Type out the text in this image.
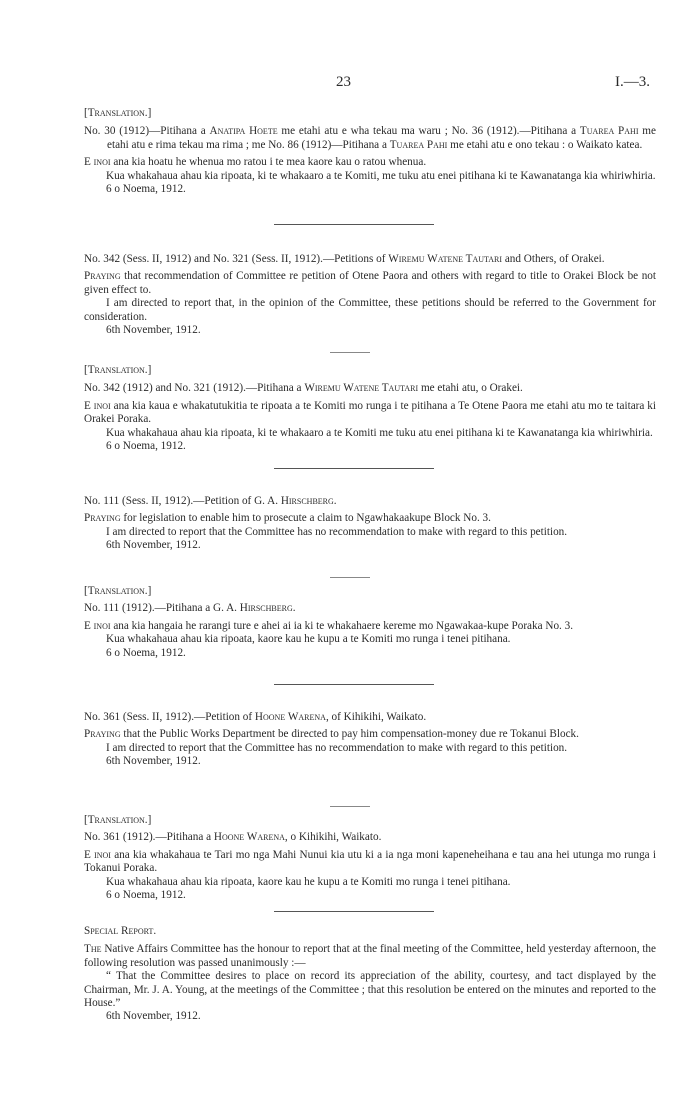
23	I.—3.

[Translation.]

No. 30 (1912)—Pitihana a Anatipa Hoete me etahi atu e wha tekau ma waru ; No. 36 (1912).—Pitihana a Tuarea Pahi me etahi atu e rima tekau ma rima ; me No. 86 (1912)—Pitihana a Tuarea Pahi me etahi atu e ono tekau : o Waikato katea.

E inoi ana kia hoatu he whenua mo ratou i te mea kaore kau o ratou whenua.

Kua whakahaua ahau kia ripoata, ki te whakaaro a te Komiti, me tuku atu enei pitihana ki te Kawanatanga kia whiriwhiria.

6 o Noema, 1912.

No. 342 (Sess. II, 1912) and No. 321 (Sess. II, 1912).—Petitions of Wiremu Watene Tautari and Others, of Orakei.

Praying that recommendation of Committee re petition of Otene Paora and others with regard to title to Orakei Block be not given effect to.

I am directed to report that, in the opinion of the Committee, these petitions should be referred to the Government for consideration.

6th November, 1912.

[Translation.]

No. 342 (1912) and No. 321 (1912).—Pitihana a Wiremu Watene Tautari me etahi atu, o Orakei.

E inoi ana kia kaua e whakatutukitia te ripoata a te Komiti mo runga i te pitihana a Te Otene Paora me etahi atu mo te taitara ki Orakei Poraka.

Kua whakahaua ahau kia ripoata, ki te whakaaro a te Komiti me tuku atu enei pitihana ki te Kawanatanga kia whiriwhiria.

6 o Noema, 1912.

No. 111 (Sess. II, 1912).—Petition of G. A. Hirschberg.

Praying for legislation to enable him to prosecute a claim to Ngawhakaakupe Block No. 3.

I am directed to report that the Committee has no recommendation to make with regard to this petition.

6th November, 1912.

[Translation.]

No. 111 (1912).—Pitihana a G. A. Hirschberg.

E inoi ana kia hangaia he rarangi ture e ahei ai ia ki te whakahaere kereme mo Ngawakaa-kupe Poraka No. 3.

Kua whakahaua ahau kia ripoata, kaore kau he kupu a te Komiti mo runga i tenei pitihana.

6 o Noema, 1912.

No. 361 (Sess. II, 1912).—Petition of Hoone Warena, of Kihikihi, Waikato.

Praying that the Public Works Department be directed to pay him compensation-money due re Tokanui Block.

I am directed to report that the Committee has no recommendation to make with regard to this petition.

6th November, 1912.

[Translation.]

No. 361 (1912).—Pitihana a Hoone Warena, o Kihikihi, Waikato.

E inoi ana kia whakahaua te Tari mo nga Mahi Nunui kia utu ki a ia nga moni kapeneheihana e tau ana hei utunga mo runga i Tokanui Poraka.

Kua whakahaua ahau kia ripoata, kaore kau he kupu a te Komiti mo runga i tenei pitihana.

6 o Noema, 1912.

Special Report.

The Native Affairs Committee has the honour to report that at the final meeting of the Committee, held yesterday afternoon, the following resolution was passed unanimously :—

“ That the Committee desires to place on record its appreciation of the ability, courtesy, and tact displayed by the Chairman, Mr. J. A. Young, at the meetings of the Committee ; that this resolution be entered on the minutes and reported to the House.”

6th November, 1912.
